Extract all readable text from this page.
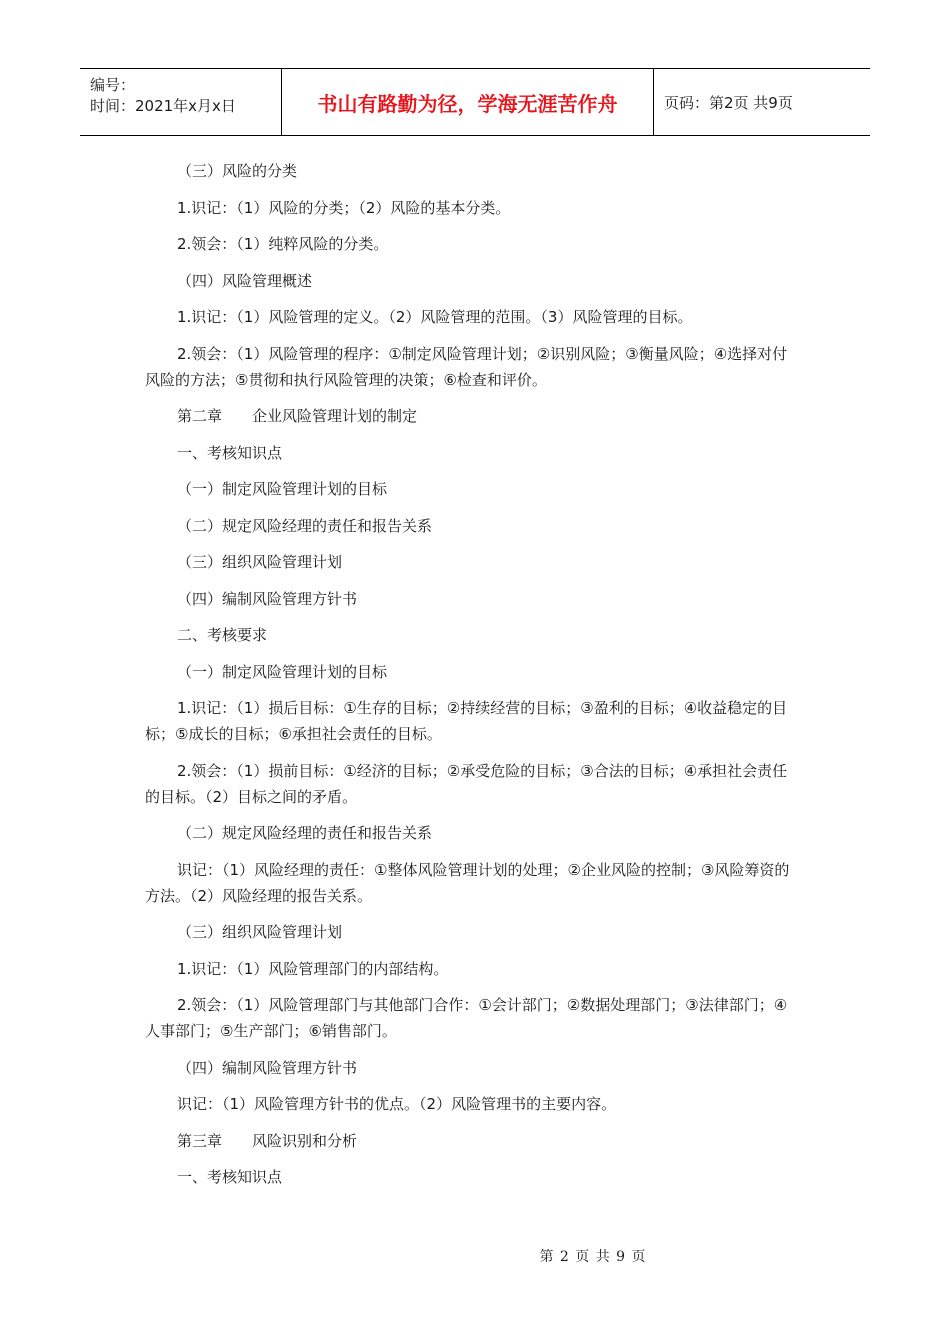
编号：
时间：2021年x月x日	书山有路勤为径，学海无涯苦作舟	页码：第2页 共9页

（三）风险的分类

1.识记：（1）风险的分类；（2）风险的基本分类。

2.领会：（1）纯粹风险的分类。

（四）风险管理概述

1.识记：（1）风险管理的定义。（2）风险管理的范围。（3）风险管理的目标。

2.领会：（1）风险管理的程序：①制定风险管理计划；②识别风险；③衡量风险；④选择对付风险的方法；⑤贯彻和执行风险管理的决策；⑥检查和评价。

第二章　　企业风险管理计划的制定

一、考核知识点

（一）制定风险管理计划的目标

（二）规定风险经理的责任和报告关系

（三）组织风险管理计划

（四）编制风险管理方针书

二、考核要求

（一）制定风险管理计划的目标

1.识记：（1）损后目标：①生存的目标；②持续经营的目标；③盈利的目标；④收益稳定的目标；⑤成长的目标；⑥承担社会责任的目标。

2.领会：（1）损前目标：①经济的目标；②承受危险的目标；③合法的目标；④承担社会责任的目标。（2）目标之间的矛盾。

（二）规定风险经理的责任和报告关系

识记：（1）风险经理的责任：①整体风险管理计划的处理；②企业风险的控制；③风险筹资的方法。（2）风险经理的报告关系。

（三）组织风险管理计划

1.识记：（1）风险管理部门的内部结构。

2.领会：（1）风险管理部门与其他部门合作：①会计部门；②数据处理部门；③法律部门；④人事部门；⑤生产部门；⑥销售部门。

（四）编制风险管理方针书

识记：（1）风险管理方针书的优点。（2）风险管理书的主要内容。

第三章　　风险识别和分析

一、考核知识点

第 2 页 共 9 页
